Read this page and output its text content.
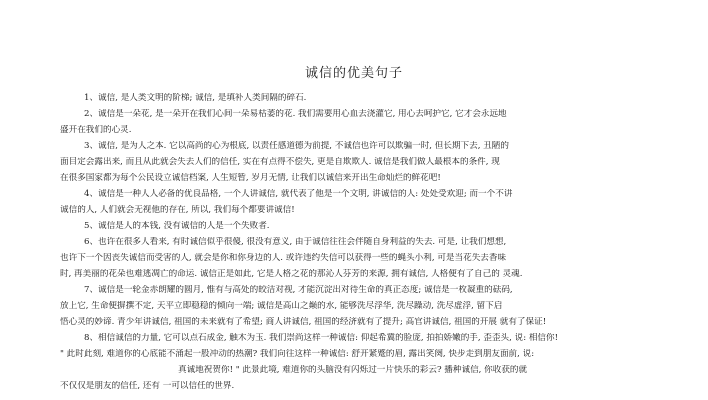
诚信的优美句子
1、诚信, 是人类文明的阶梯; 诚信, 是填补人类间隔的碎石.
2、诚信是一朵花, 是一朵开在我们心间一朵易枯萎的花. 我们需要用心血去浇灌它, 用心去呵护它, 它才会永远地
盛开在我们的心灵.
3、诚信, 是为人之本. 它以高尚的心为根底, 以责任感道德为前提, 不诚信也许可以欺骗一时, 但长期下去, 丑陋的
面目定会露出来, 而且从此就会失去人们的信任, 实在有点得不偿失, 更是自欺欺人. 诚信是我们做人最根本的条件, 现
在很多国家都为每个公民设立诚信档案, 人生短暂, 岁月无情, 让我们以诚信来开出生命灿烂的鲜花吧!
4、诚信是一种人人必备的优良品格, 一个人讲诚信, 就代表了他是一个文明, 讲诚信的人: 处处受欢迎; 而一个不讲
诚信的人, 人们就会无视他的存在, 所以, 我们每个都要讲诚信!
5、诚信是人的本钱, 没有诚信的人是一个失败者.
6、也许在很多人看来, 有时诚信似乎很傻, 很没有意义, 由于诚信往往会伴随自身利益的失去. 可是, 让我们想想,
也许下一个因丧失诚信而受害的人, 就会是你和你身边的人. 或许违约失信可以获得一些的蝇头小利, 可是当花失去香味
时, 再美丽的花朵也难逃凋亡的命运. 诚信正是如此, 它是人格之花的那沁人芬芳的来源, 拥有诚信, 人格便有了自己的 灵魂.
7、诚信是一轮金赤朗耀的圆月, 惟有与高处的皎洁对视, 才能沉淀出对待生命的真正态度; 诚信是一枚凝重的砝码,
放上它, 生命便摒撰不定, 天平立即稳稳的倾向一端; 诚信是高山之巅的水, 能够洗尽浮华, 洗尽躁动, 洗尽虚浮, 留下启
悟心灵的妙谛. 青少年讲诚信, 祖国的未来就有了希望; 商人讲诚信, 祖国的经济就有了提升; 高官讲诚信, 祖国的开展 就有了保证!
8、相信诚信的力量, 它可以点石成金, 触木为玉. 我们崇尚这样一种诚信: 仰起希冀的脸庞, 拍拍娇嫩的手, 歪歪头, 说: 相信你!
" 此时此刻, 难道你的心底能不涌起一股冲动的热潮? 我们向往这样一种诚信: 舒开紧蹙的眉, 露出笑阕, 快步走到朋友面前, 说:
真诚地祝贺你! " 此景此境, 难道你的头脑没有闪烁过一片快乐的彩云? 播种诚信, 你收获的就
不仅仅是朋友的信任, 还有 一可以信任的世界.
